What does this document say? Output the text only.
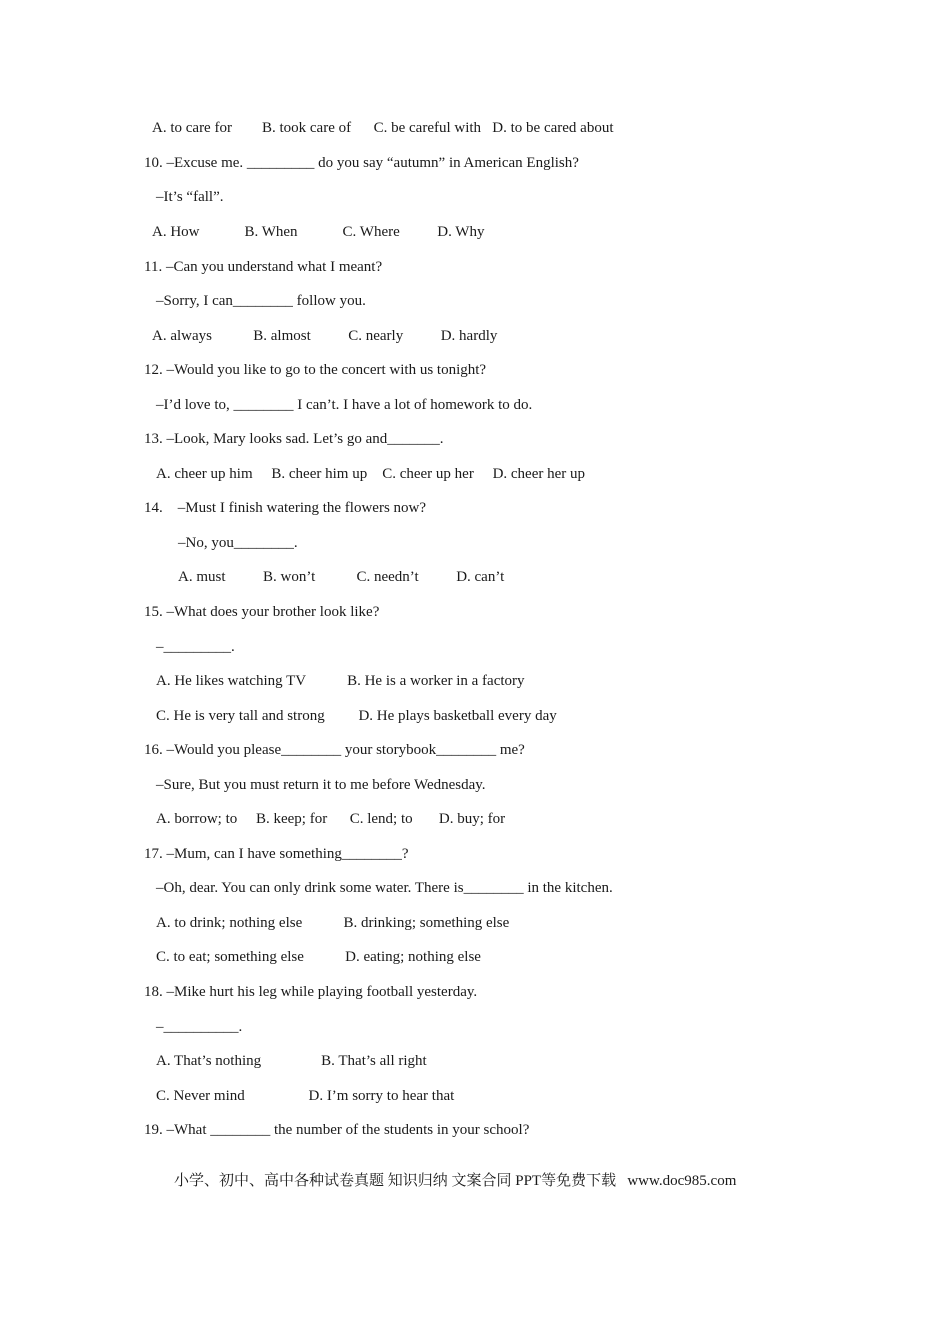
A. to care for        B. took care of      C. be careful with   D. to be cared about

10. –Excuse me. _________ do you say “autumn” in American English?

–It’s “fall”.

A. How            B. When            C. Where          D. Why

11. –Can you understand what I meant?

–Sorry, I can________ follow you.

A. always           B. almost          C. nearly          D. hardly

12. –Would you like to go to the concert with us tonight?

–I’d love to, ________ I can’t. I have a lot of homework to do.

13. –Look, Mary looks sad. Let’s go and_______.

A. cheer up him     B. cheer him up    C. cheer up her     D. cheer her up

14.    –Must I finish watering the flowers now?

–No, you________.

A. must          B. won’t           C. needn’t          D. can’t

15. –What does your brother look like?

–_________.

A. He likes watching TV           B. He is a worker in a factory

C. He is very tall and strong         D. He plays basketball every day

16. –Would you please________ your storybook________ me?

–Sure, But you must return it to me before Wednesday.

A. borrow; to     B. keep; for      C. lend; to       D. buy; for

17. –Mum, can I have something________?

–Oh, dear. You can only drink some water. There is________ in the kitchen.

A. to drink; nothing else           B. drinking; something else

C. to eat; something else           D. eating; nothing else

18. –Mike hurt his leg while playing football yesterday.

–__________.

A. That’s nothing                B. That’s all right

C. Never mind                 D. I’m sorry to hear that

19. –What ________ the number of the students in your school?

小学、初中、高中各种试卷真题 知识归纳 文案合同 PPT等免费下载   www.doc985.com
